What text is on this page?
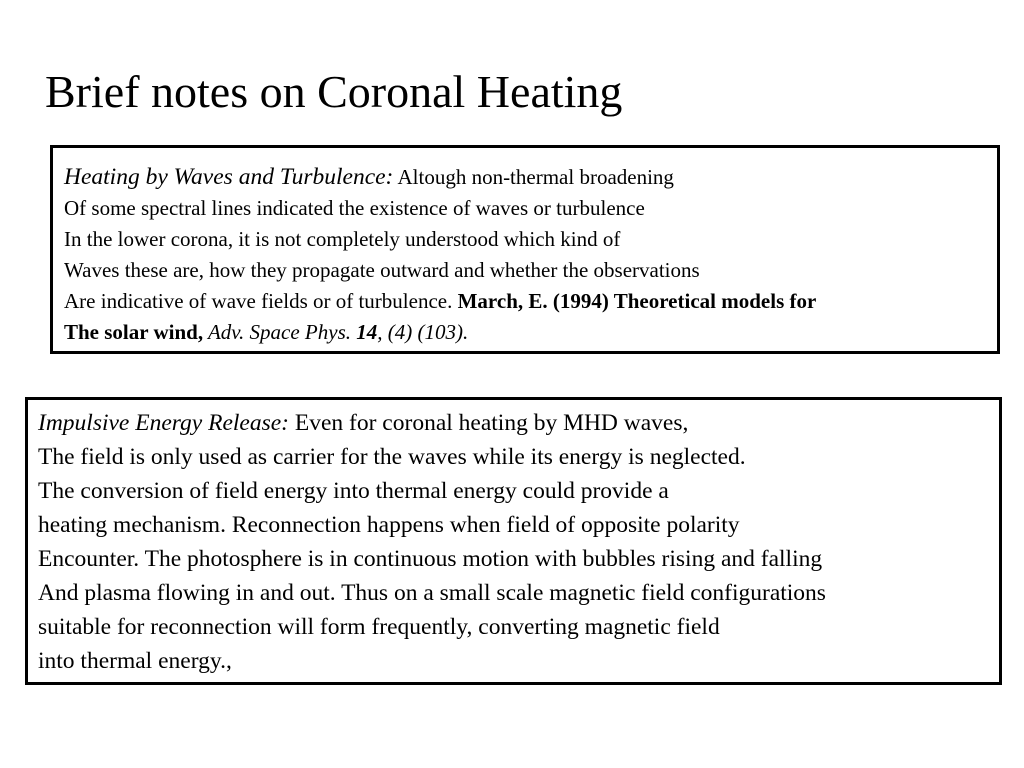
Brief notes on Coronal Heating
Heating by Waves and Turbulence: Altough non-thermal broadening
Of some spectral lines indicated the existence of waves or turbulence
In the lower corona, it is not completely understood which kind of
Waves these are, how they propagate outward and whether the observations
Are indicative of wave fields or of turbulence. March, E. (1994) Theoretical models for
The solar wind, Adv. Space Phys. 14, (4) (103).
Impulsive Energy Release: Even for coronal heating by MHD waves,
The field is only used as carrier for the waves while its energy is neglected.
The conversion of field energy into thermal energy could provide a
heating mechanism. Reconnection happens when field of opposite polarity
Encounter. The photosphere is in continuous motion with bubbles rising and falling
And plasma flowing in and out. Thus on a small scale magnetic field configurations
suitable for reconnection will form frequently, converting magnetic field
into thermal energy.,
